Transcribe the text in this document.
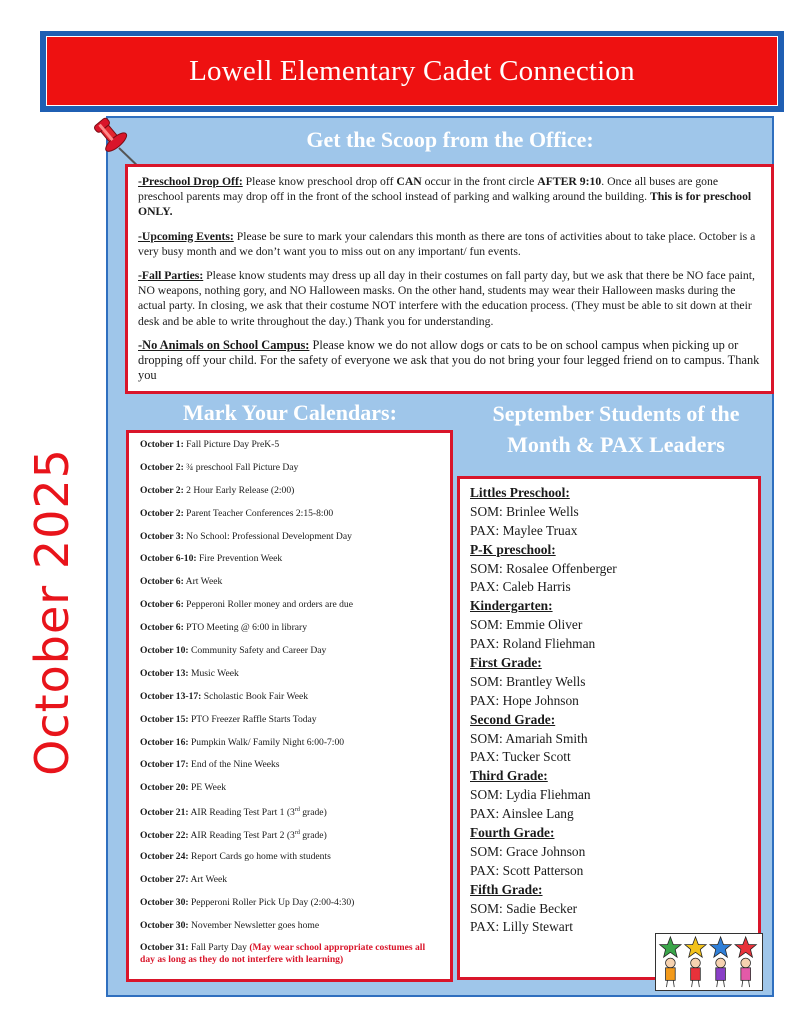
Lowell Elementary Cadet Connection
October 2025
Get the Scoop from the Office:

-Preschool Drop Off: Please know preschool drop off CAN occur in the front circle AFTER 9:10. Once all buses are gone preschool parents may drop off in the front of the school instead of parking and walking around the building. This is for preschool ONLY.

-Upcoming Events: Please be sure to mark your calendars this month as there are tons of activities about to take place. October is a very busy month and we don’t want you to miss out on any important/ fun events.

-Fall Parties: Please know students may dress up all day in their costumes on fall party day, but we ask that there be NO face paint, NO weapons, nothing gory, and NO Halloween masks. On the other hand, students may wear their Halloween masks during the actual party. In closing, we ask that their costume NOT interfere with the education process. (They must be able to sit down at their desk and be able to write throughout the day.) Thank you for understanding.

-No Animals on School Campus: Please know we do not allow dogs or cats to be on school campus when picking up or dropping off your child. For the safety of everyone we ask that you do not bring your four legged friend on to campus. Thank you

Mark Your Calendars:	September Students of the Month & PAX Leaders
October 1: Fall Picture Day PreK-5
October 2: ¾ preschool Fall Picture Day
October 2: 2 Hour Early Release (2:00)
October 2: Parent Teacher Conferences 2:15-8:00
October 3: No School: Professional Development Day
October 6-10: Fire Prevention Week
October 6: Art Week
October 6: Pepperoni Roller money and orders are due
October 6: PTO Meeting @ 6:00 in library
October 10: Community Safety and Career Day
October 13: Music Week
October 13-17: Scholastic Book Fair Week
October 15: PTO Freezer Raffle Starts Today
October 16: Pumpkin Walk/ Family Night 6:00-7:00
October 17: End of the Nine Weeks
October 20: PE Week
October 21: AIR Reading Test Part 1 (3rd grade)
October 22: AIR Reading Test Part 2 (3rd grade)
October 24: Report Cards go home with students
October 27: Art Week
October 30: Pepperoni Roller Pick Up Day (2:00-4:30)
October 30: November Newsletter goes home
October 31: Fall Party Day (May wear school appropriate costumes all day as long as they do not interfere with learning)
Littles Preschool:
SOM: Brinlee Wells
PAX: Maylee Truax
P-K preschool:
SOM: Rosalee Offenberger
PAX: Caleb Harris
Kindergarten:
SOM: Emmie Oliver
PAX: Roland Fliehman
First Grade:
SOM: Brantley Wells
PAX: Hope Johnson
Second Grade:
SOM: Amariah Smith
PAX: Tucker Scott
Third Grade:
SOM: Lydia Fliehman
PAX: Ainslee Lang
Fourth Grade:
SOM: Grace Johnson
PAX: Scott Patterson
Fifth Grade:
SOM: Sadie Becker
PAX: Lilly Stewart
